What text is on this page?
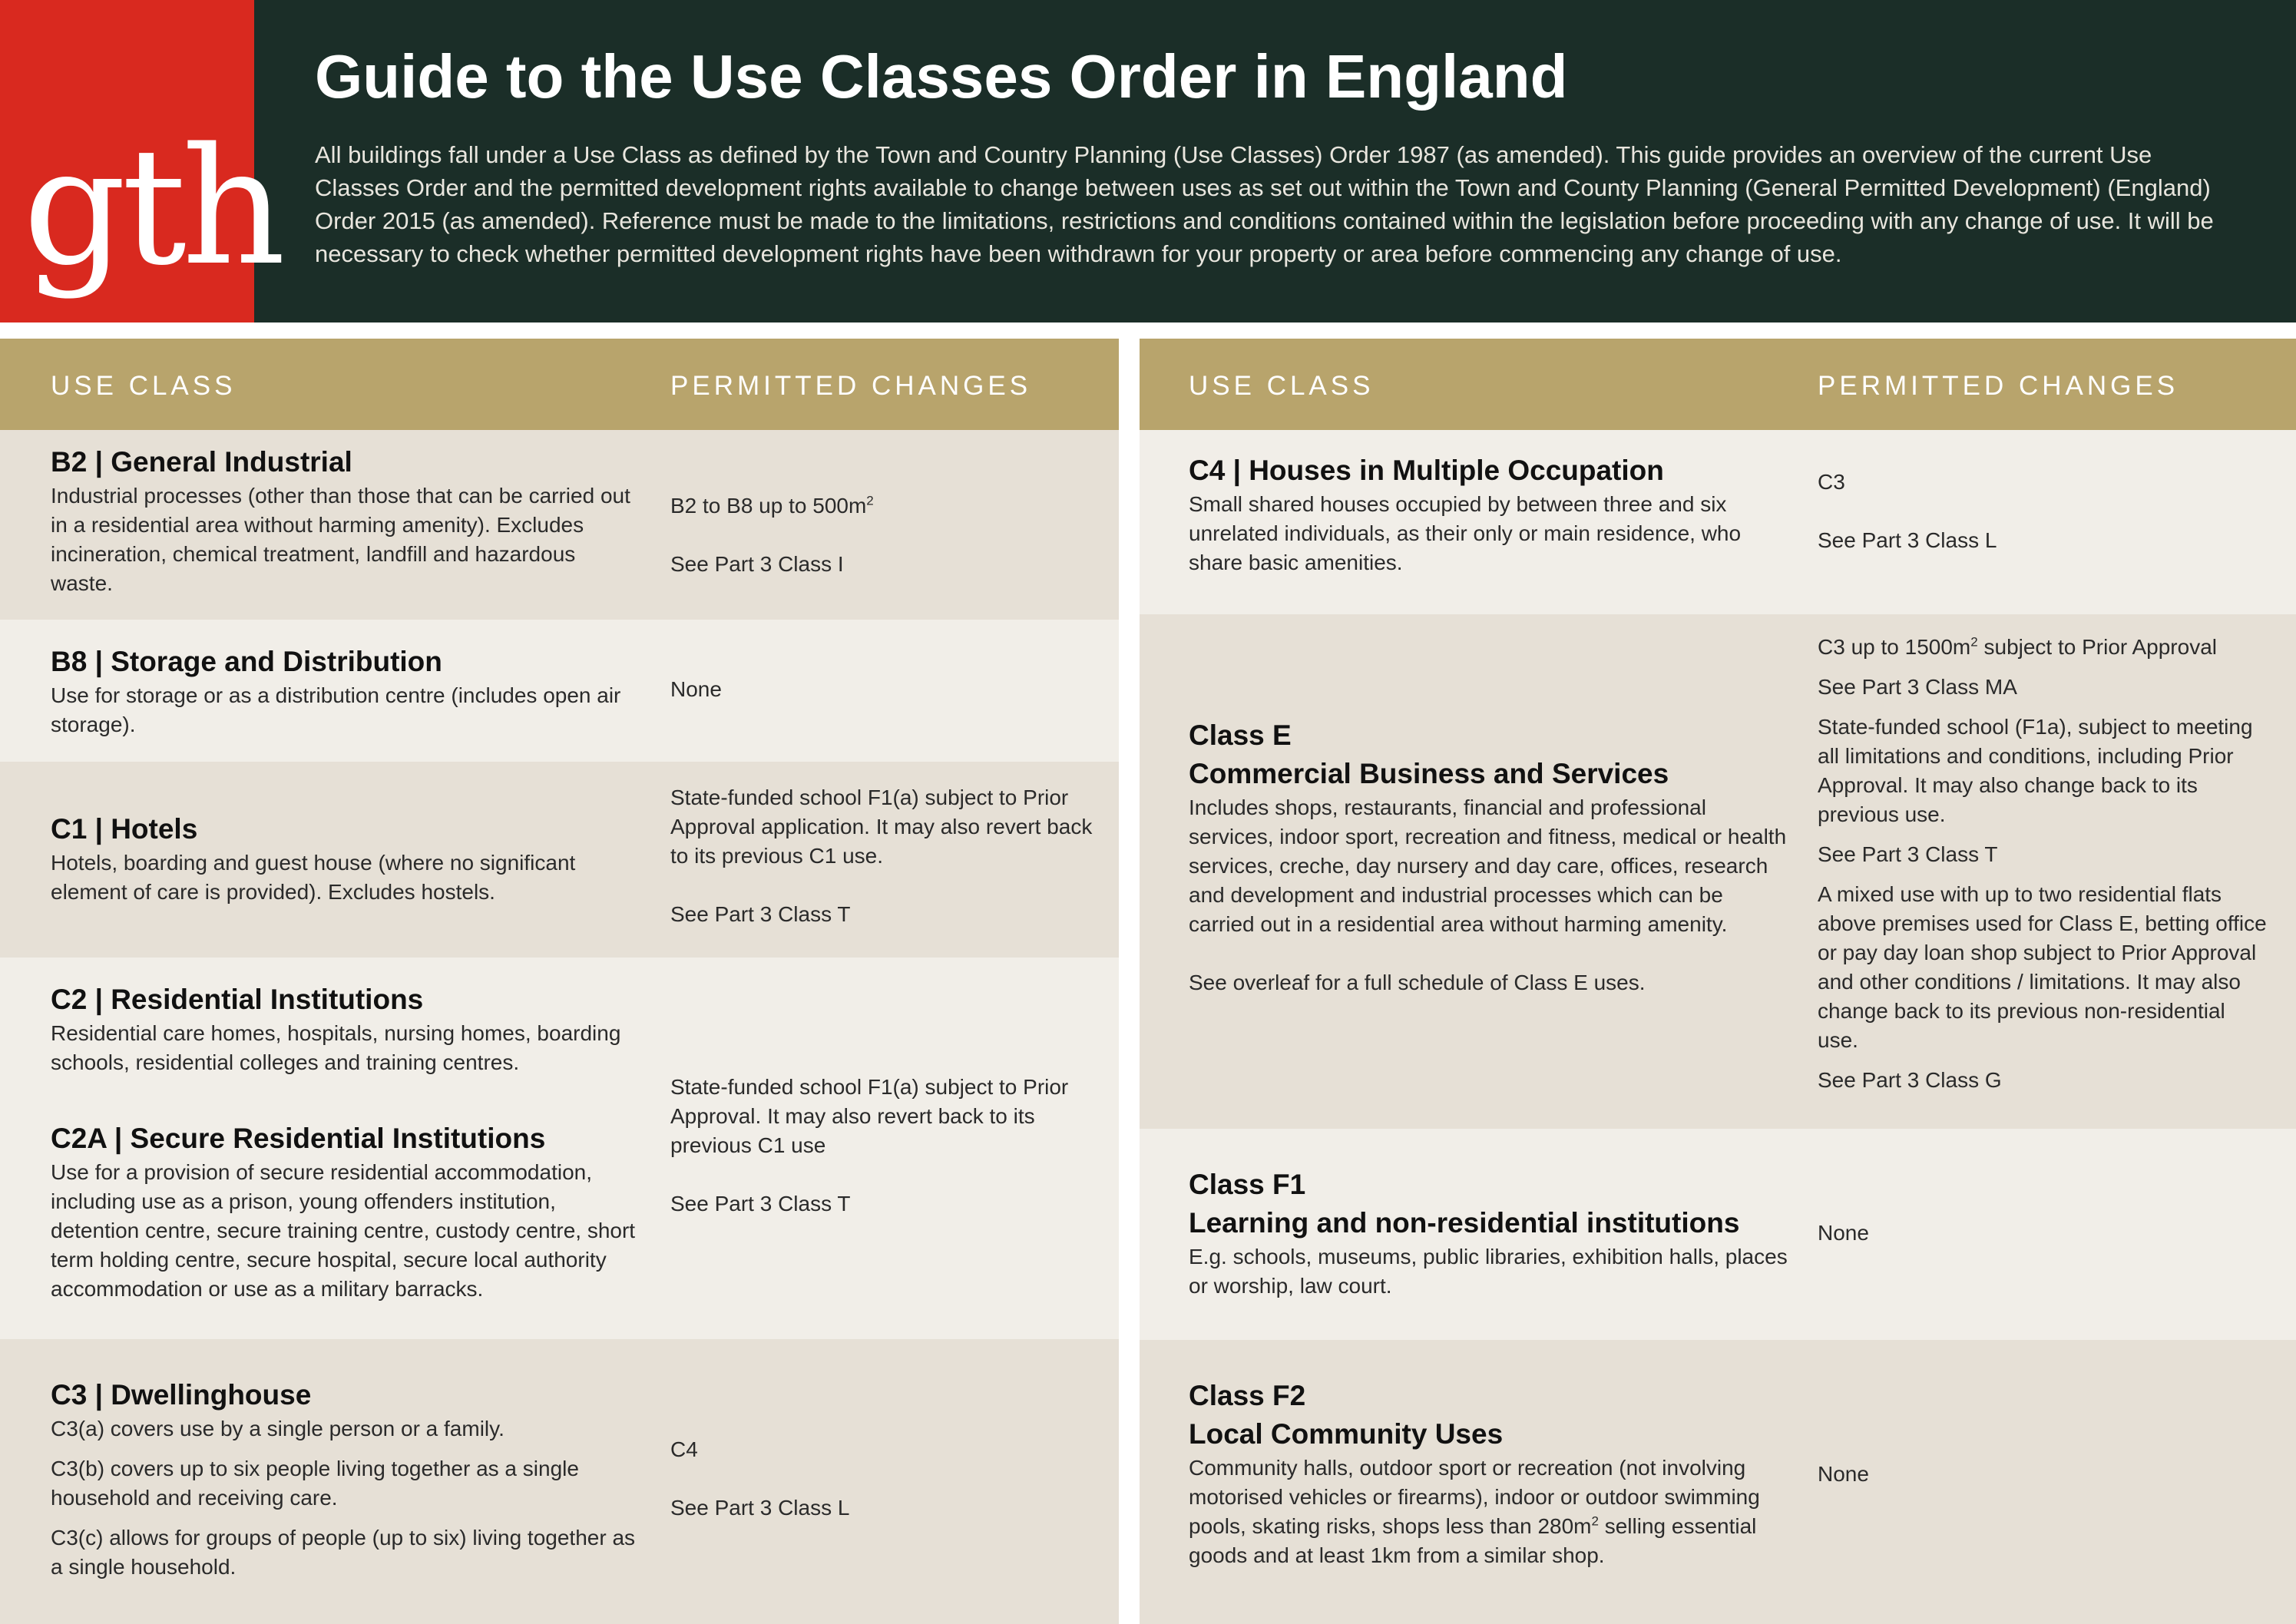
gth
Guide to the Use Classes Order in England
All buildings fall under a Use Class as defined by the Town and Country Planning (Use Classes) Order 1987 (as amended). This guide provides an overview of the current Use Classes Order and the permitted development rights available to change between uses as set out within the Town and County Planning (General Permitted Development) (England) Order 2015 (as amended). Reference must be made to the limitations, restrictions and conditions contained within the legislation before proceeding with any change of use. It will be necessary to check whether permitted development rights have been withdrawn for your property or area before commencing any change of use.
USE CLASS	PERMITTED CHANGES
B2 | General Industrial
Industrial processes (other than those that can be carried out in a residential area without harming amenity). Excludes incineration, chemical treatment, landfill and hazardous waste.

B2 to B8 up to $500m^2$

See Part 3 Class I

B8 | Storage and Distribution
Use for storage or as a distribution centre (includes open air storage).

None

C1 | Hotels
Hotels, boarding and guest house (where no significant element of care is provided). Excludes hostels.

State-funded school F1(a) subject to Prior Approval application. It may also revert back to its previous C1 use.

See Part 3 Class T

C2 | Residential Institutions
Residential care homes, hospitals, nursing homes, boarding schools, residential colleges and training centres.
C2A | Secure Residential Institutions
Use for a provision of secure residential accommodation, including use as a prison, young offenders institution, detention centre, secure training centre, custody centre, short term holding centre, secure hospital, secure local authority accommodation or use as a military barracks.

State-funded school F1(a) subject to Prior Approval. It may also revert back to its previous C1 use

See Part 3 Class T

C3 | Dwellinghouse
C3(a) covers use by a single person or a family.
C3(b) covers up to six people living together as a single household and receiving care.
C3(c) allows for groups of people (up to six) living together as a single household.

C4

See Part 3 Class L

USE CLASS	PERMITTED CHANGES
C4 | Houses in Multiple Occupation
Small shared houses occupied by between three and six unrelated individuals, as their only or main residence, who share basic amenities.

C3

See Part 3 Class L

Class E
Commercial Business and Services
Includes shops, restaurants, financial and professional services, indoor sport, recreation and fitness, medical or health services, creche, day nursery and day care, offices, research and development and industrial processes which can be carried out in a residential area without harming amenity.
See overleaf for a full schedule of Class E uses.

C3 up to $1500m^2$ subject to Prior Approval

See Part 3 Class MA

State-funded school (F1a), subject to meeting all limitations and conditions, including Prior Approval. It may also change back to its previous use.

See Part 3 Class T

A mixed use with up to two residential flats above premises used for Class E, betting office or pay day loan shop subject to Prior Approval and other conditions / limitations. It may also change back to its previous non-residential use.

See Part 3 Class G

Class F1
Learning and non-residential institutions
E.g. schools, museums, public libraries, exhibition halls, places or worship, law court.

None

Class F2
Local Community Uses
Community halls, outdoor sport or recreation (not involving motorised vehicles or firearms), indoor or outdoor swimming pools, skating risks, shops less than $280m^2$ selling essential goods and at least 1km from a similar shop.

None
